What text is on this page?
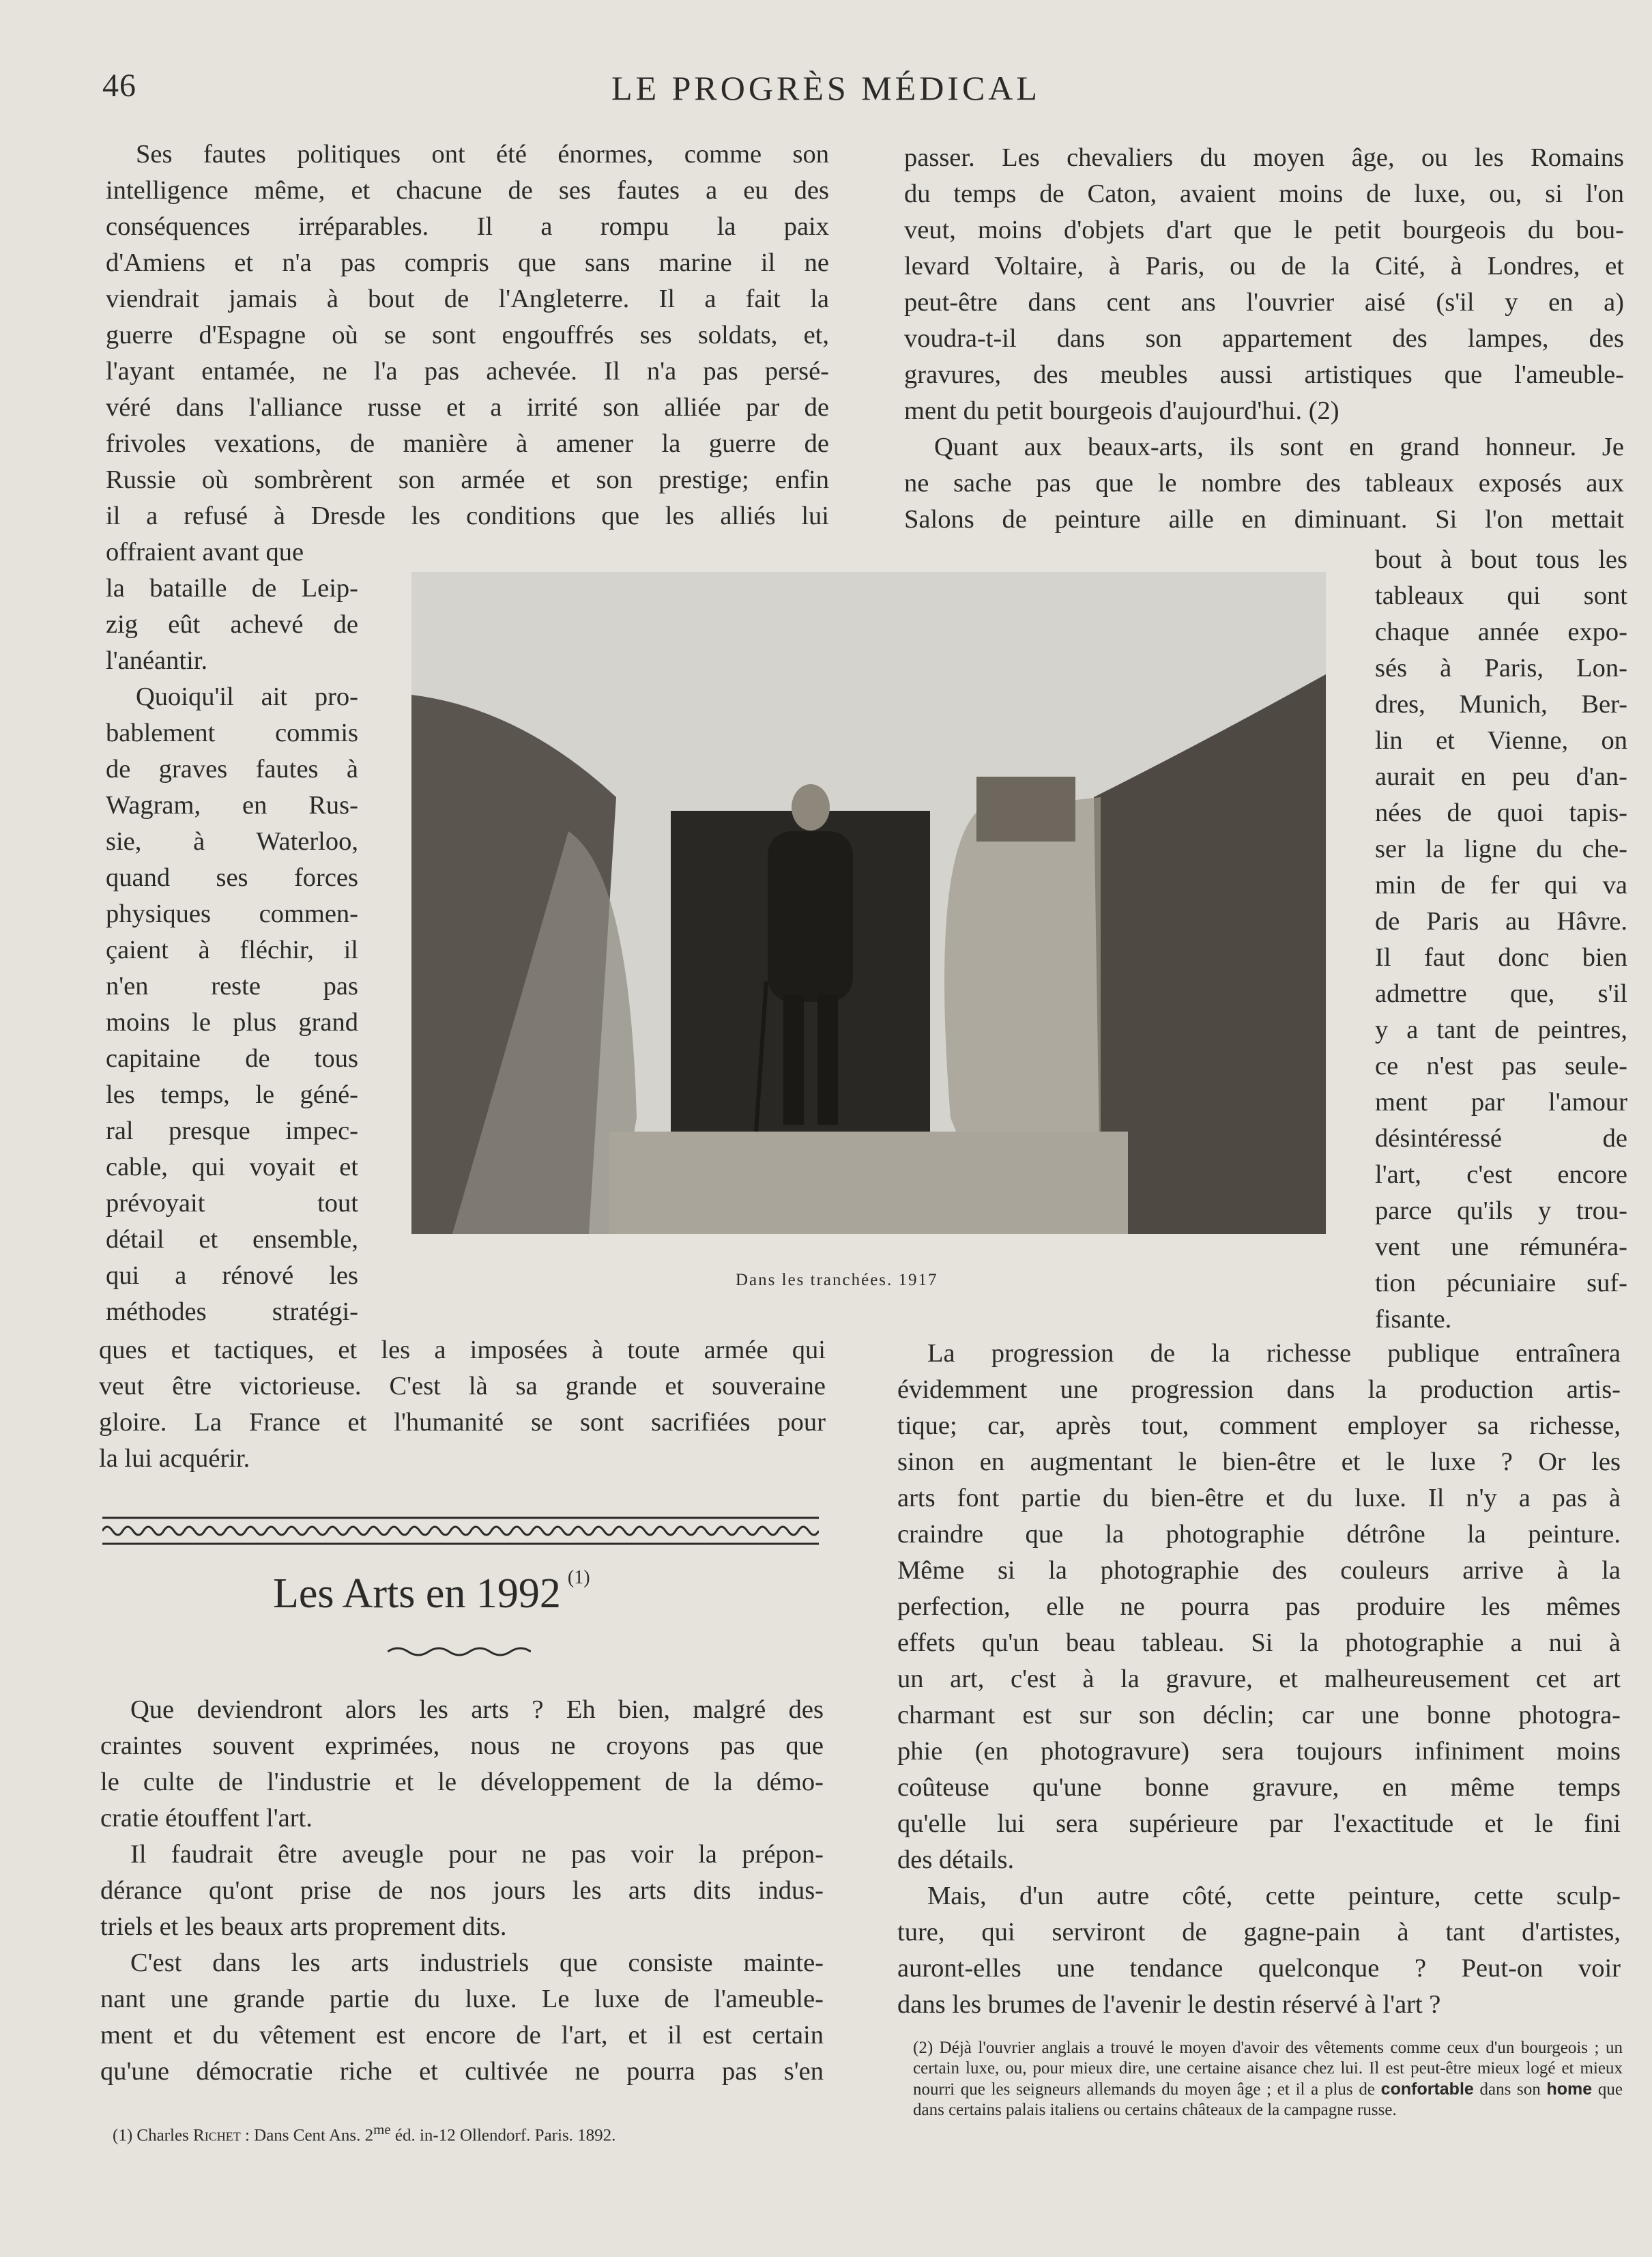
46	LE PROGRÈS MÉDICAL
Ses fautes politiques ont été énormes, comme son
intelligence même, et chacune de ses fautes a eu des
conséquences irréparables. Il a rompu la paix
d'Amiens et n'a pas compris que sans marine il ne
viendrait jamais à bout de l'Angleterre. Il a fait la
guerre d'Espagne où se sont engouffrés ses soldats, et,
l'ayant entamée, ne l'a pas achevée. Il n'a pas persé-
véré dans l'alliance russe et a irrité son alliée par de
frivoles vexations, de manière à amener la guerre de
Russie où sombrèrent son armée et son prestige; enfin
il a refusé à Dresde les conditions que les alliés lui
offraient avant que
la bataille de Leip-
zig eût achevé de
l'anéantir.
Quoiqu'il ait pro-
bablement commis
de graves fautes à
Wagram, en Rus-
sie, à Waterloo,
quand ses forces
physiques commen-
çaient à fléchir, il
n'en reste pas
moins le plus grand
capitaine de tous
les temps, le géné-
ral presque impec-
cable, qui voyait et
prévoyait tout
détail et ensemble,
qui a rénové les
méthodes stratégi-
ques et tactiques, et les a imposées à toute armée qui
veut être victorieuse. C'est là sa grande et souveraine
gloire. La France et l'humanité se sont sacrifiées pour
la lui acquérir.
Dans les tranchées. 1917
passer. Les chevaliers du moyen âge, ou les Romains
du temps de Caton, avaient moins de luxe, ou, si l'on
veut, moins d'objets d'art que le petit bourgeois du bou-
levard Voltaire, à Paris, ou de la Cité, à Londres, et
peut-être dans cent ans l'ouvrier aisé (s'il y en a)
voudra-t-il dans son appartement des lampes, des
gravures, des meubles aussi artistiques que l'ameuble-
ment du petit bourgeois d'aujourd'hui. (2)
Quant aux beaux-arts, ils sont en grand honneur. Je
ne sache pas que le nombre des tableaux exposés aux
Salons de peinture aille en diminuant. Si l'on mettait
bout à bout tous les
tableaux qui sont
chaque année expo-
sés à Paris, Lon-
dres, Munich, Ber-
lin et Vienne, on
aurait en peu d'an-
nées de quoi tapis-
ser la ligne du che-
min de fer qui va
de Paris au Hâvre.
Il faut donc bien
admettre que, s'il
y a tant de peintres,
ce n'est pas seule-
ment par l'amour
désintéressé de
l'art, c'est encore
parce qu'ils y trou-
vent une rémunéra-
tion pécuniaire suf-
fisante.
La progression de la richesse publique entraînera
évidemment une progression dans la production artis-
tique; car, après tout, comment employer sa richesse,
sinon en augmentant le bien-être et le luxe ? Or les
arts font partie du bien-être et du luxe. Il n'y a pas à
craindre que la photographie détrône la peinture.
Même si la photographie des couleurs arrive à la
perfection, elle ne pourra pas produire les mêmes
effets qu'un beau tableau. Si la photographie a nui à
un art, c'est à la gravure, et malheureusement cet art
charmant est sur son déclin; car une bonne photogra-
phie (en photogravure) sera toujours infiniment moins
coûteuse qu'une bonne gravure, en même temps
qu'elle lui sera supérieure par l'exactitude et le fini
des détails.
Mais, d'un autre côté, cette peinture, cette sculp-
ture, qui serviront de gagne-pain à tant d'artistes,
auront-elles une tendance quelconque ? Peut-on voir
dans les brumes de l'avenir le destin réservé à l'art ?
Les Arts en 1992 $^{(1)}$
Que deviendront alors les arts ? Eh bien, malgré des
craintes souvent exprimées, nous ne croyons pas que
le culte de l'industrie et le développement de la démo-
cratie étouffent l'art.
Il faudrait être aveugle pour ne pas voir la prépon-
dérance qu'ont prise de nos jours les arts dits indus-
triels et les beaux arts proprement dits.
C'est dans les arts industriels que consiste mainte-
nant une grande partie du luxe. Le luxe de l'ameuble-
ment et du vêtement est encore de l'art, et il est certain
qu'une démocratie riche et cultivée ne pourra pas s'en
(1) Charles Richet : Dans Cent Ans. $2^{me}$ éd. in-12 Ollendorf. Paris. 1892.
(2) Déjà l'ouvrier anglais a trouvé le moyen d'avoir des vêtements comme ceux d'un bourgeois ; un certain luxe, ou, pour mieux dire, une certaine aisance chez lui. Il est peut-être mieux logé et mieux nourri que les seigneurs allemands du moyen âge ; et il a plus de confortable dans son home que dans certains palais italiens ou certains châteaux de la campagne russe.
